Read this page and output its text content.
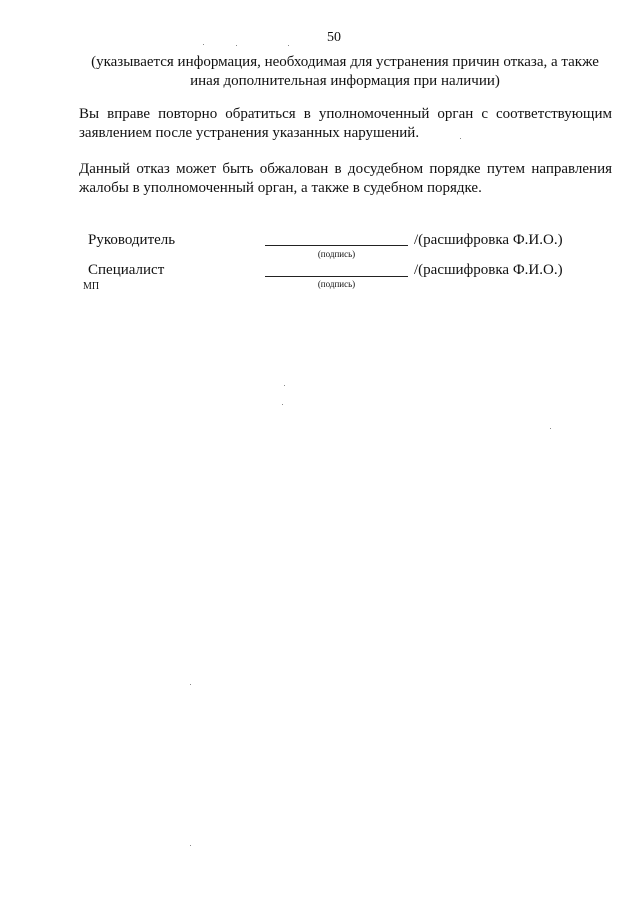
50
(указывается информация, необходимая для устранения причин отказа, а также иная дополнительная информация при наличии)
Вы вправе повторно обратиться в уполномоченный орган с соответствующим заявлением после устранения указанных нарушений.
Данный отказ может быть обжалован в досудебном порядке путем направления жалобы в уполномоченный орган, а также в судебном порядке.
Руководитель
(подпись)
/(расшифровка Ф.И.О.)
Специалист
(подпись)
/(расшифровка Ф.И.О.)
МП
